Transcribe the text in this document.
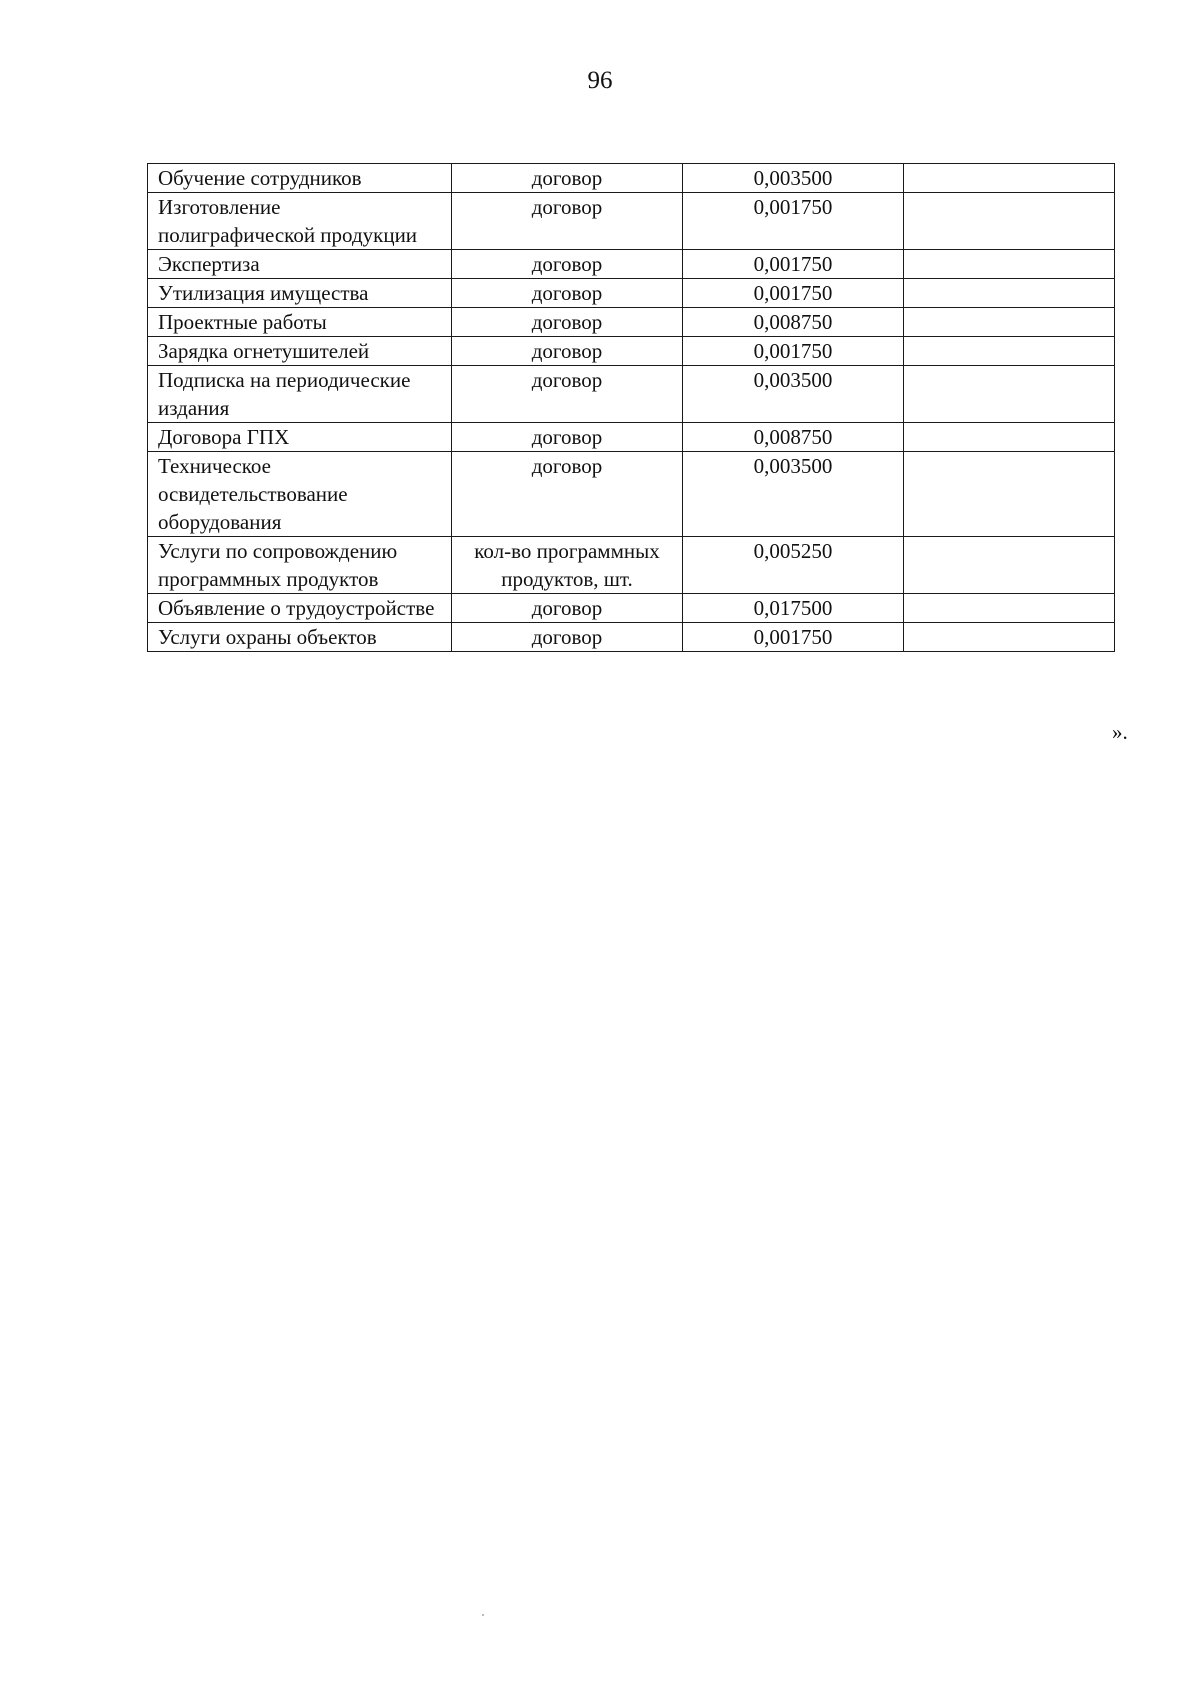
96
Обучение сотрудников	договор	0,003500	
Изготовление полиграфической продукции	договор	0,001750	
Экспертиза	договор	0,001750	
Утилизация имущества	договор	0,001750	
Проектные работы	договор	0,008750	
Зарядка огнетушителей	договор	0,001750	
Подписка на периодические издания	договор	0,003500	
Договора ГПХ	договор	0,008750	
Техническое освидетельствование оборудования	договор	0,003500	
Услуги по сопровождению программных продуктов	кол-во программных продуктов, шт.	0,005250	
Объявление о трудоустройстве	договор	0,017500	
Услуги охраны объектов	договор	0,001750	
».
